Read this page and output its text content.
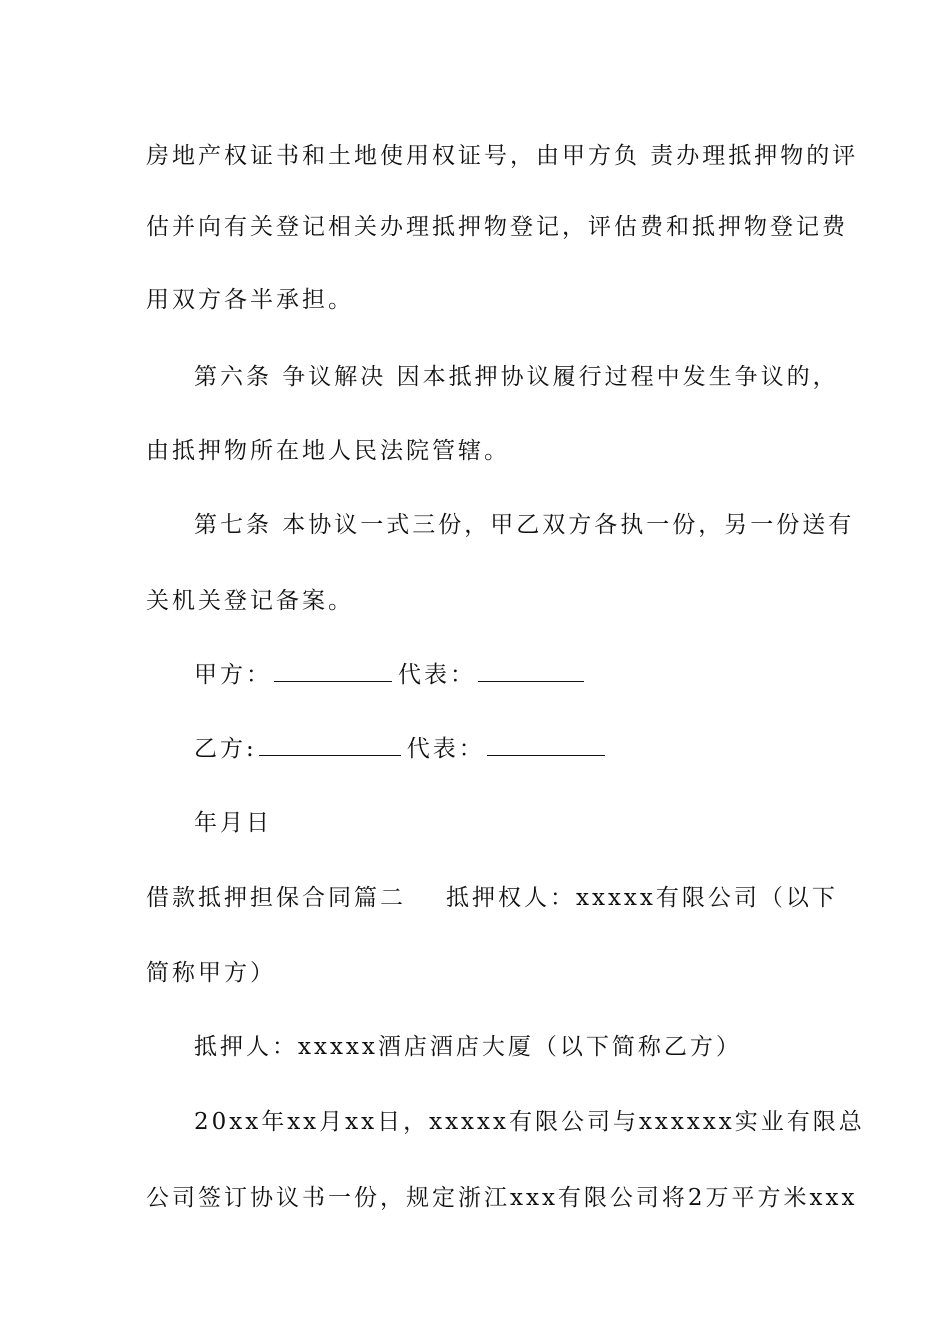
房地产权证书和土地使用权证号，由甲方负 责办理抵押物的评
估并向有关登记相关办理抵押物登记，评估费和抵押物登记费
用双方各半承担。
第六条 争议解决 因本抵押协议履行过程中发生争议的，
由抵押物所在地人民法院管辖。
第七条 本协议一式三份，甲乙双方各执一份，另一份送有
关机关登记备案。
甲方：	代表：
乙方:	代表：
年月日
借款抵押担保合同篇二 抵押权人：xxxxx有限公司（以下
简称甲方）
抵押人：xxxxx酒店酒店大厦（以下简称乙方）
20xx年xx月xx日，xxxxx有限公司与xxxxxx实业有限总
公司签订协议书一份，规定浙江xxx有限公司将2万平方米xxx
